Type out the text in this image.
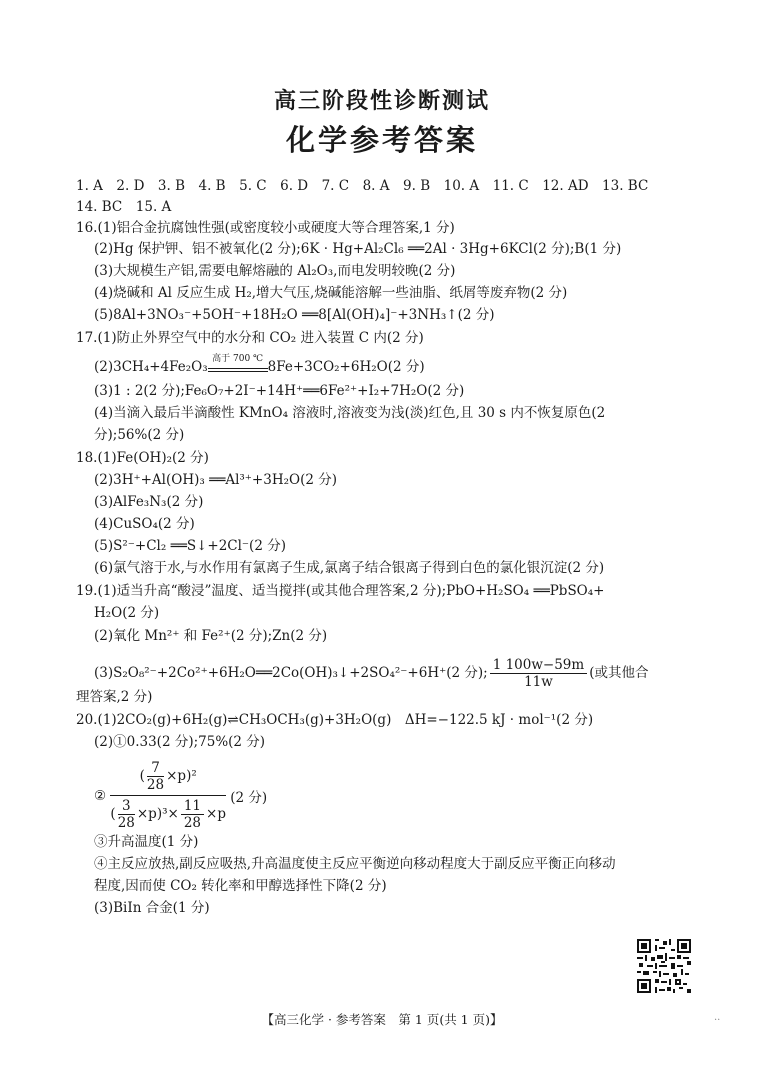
高三阶段性诊断测试
化学参考答案
1. A　2. D　3. B　4. B　5. C　6. D　7. C　8. A　9. B　10. A　11. C　12. AD　13. BC
14. BC　15. A
16.(1)铝合金抗腐蚀性强(或密度较小或硬度大等合理答案,1 分)
(2)Hg 保护钾、铝不被氧化(2 分);6K · Hg+Al₂Cl₆ ══2Al · 3Hg+6KCl(2 分);B(1 分)
(3)大规模生产铝,需要电解熔融的 Al₂O₃,而电发明较晚(2 分)
(4)烧碱和 Al 反应生成 H₂,增大气压,烧碱能溶解一些油脂、纸屑等废弃物(2 分)
(5)8Al+3NO₃⁻+5OH⁻+18H₂O ══8[Al(OH)₄]⁻+3NH₃↑(2 分)
17.(1)防止外界空气中的水分和 CO₂ 进入装置 C 内(2 分)
(2)3CH₄+4Fe₂O₃
高于 700 ℃
8Fe+3CO₂+6H₂O(2 分)
(3)1 : 2(2 分);Fe₆O₇+2I⁻+14H⁺══6Fe²⁺+I₂+7H₂O(2 分)
(4)当滴入最后半滴酸性 KMnO₄ 溶液时,溶液变为浅(淡)红色,且 30 s 内不恢复原色(2
分);56%(2 分)
18.(1)Fe(OH)₂(2 分)
(2)3H⁺+Al(OH)₃ ══Al³⁺+3H₂O(2 分)
(3)AlFe₃N₃(2 分)
(4)CuSO₄(2 分)
(5)S²⁻+Cl₂ ══S↓+2Cl⁻(2 分)
(6)氯气溶于水,与水作用有氯离子生成,氯离子结合银离子得到白色的氯化银沉淀(2 分)
19.(1)适当升高“酸浸”温度、适当搅拌(或其他合理答案,2 分);PbO+H₂SO₄ ══PbSO₄+
H₂O(2 分)
(2)氧化 Mn²⁺ 和 Fe²⁺(2 分);Zn(2 分)
(3)S₂O₈²⁻+2Co²⁺+6H₂O══2Co(OH)₃↓+2SO₄²⁻+6H⁺(2 分); $\frac{1 100w-59m}{11w}$ (或其他合
理答案,2 分)
20.(1)2CO₂(g)+6H₂(g)⇌CH₃OCH₃(g)+3H₂O(g)　ΔH=−122.5 kJ · mol⁻¹(2 分)
(2)①0.33(2 分);75%(2 分)
② $\frac{( \frac{7}{28} \times p)^2}{( \frac{3}{28} \times p)^3\times \frac{11}{28} \times p} (2$ 分)
③升高温度(1 分)
④主反应放热,副反应吸热,升高温度使主反应平衡逆向移动程度大于副反应平衡正向移动
程度,因而使 CO₂ 转化率和甲醇选择性下降(2 分)
(3)BiIn 合金(1 分)
【高三化学 · 参考答案　第 1 页(共 1 页)】	..
